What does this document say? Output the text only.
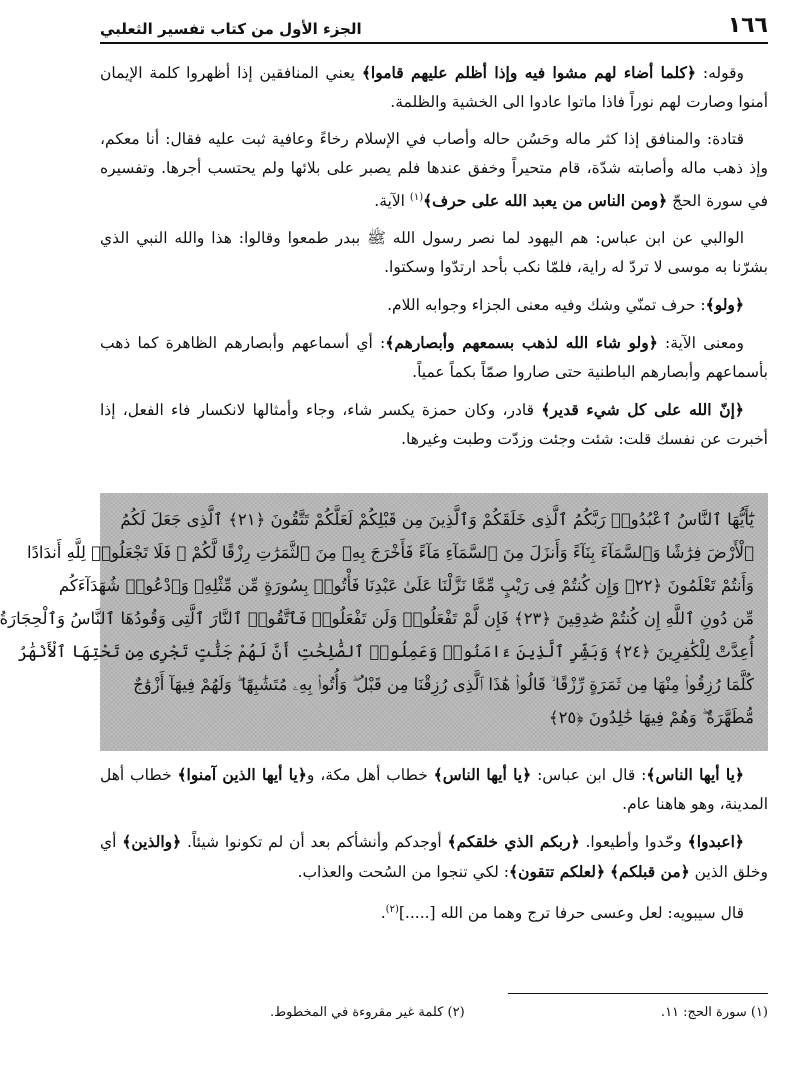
١٦٦
الجزء الأول من كتاب تفسير الثعلبي

وقوله: ﴿كلما أضاء لهم مشوا فيه وإذا أظلم عليهم قاموا﴾ يعني المنافقين إذا أظهروا كلمة الإيمان أمنوا وصارت لهم نوراً فاذا ماتوا عادوا الى الخشية والظلمة.

قتادة: والمنافق إذا كثر ماله وحَسُن حاله وأصاب في الإسلام رخاءً وعافية ثبت عليه فقال: أنا معكم، وإذ ذهب ماله وأصابته شدّة، قام متحيراً وخفق عندها فلم يصبر على بلائها ولم يحتسب أجرها. وتفسيره في سورة الحجّ ﴿ومن الناس من يعبد الله على حرف﴾$^{(١)}$ الآية.

الوالبي عن ابن عباس: هم اليهود لما نصر رسول الله ﷺ ببدر طمعوا وقالوا: هذا والله النبي الذي بشرّنا به موسى لا تردّ له راية، فلمّا نكب بأحد ارتدّوا وسكتوا.

﴿ولو﴾: حرف تمنّي وشك وفيه معنى الجزاء وجوابه اللام.

ومعنى الآية: ﴿ولو شاء الله لذهب بسمعهم وأبصارهم﴾: أي أسماعهم وأبصارهم الظاهرة كما ذهب بأسماعهم وأبصارهم الباطنية حتى صاروا صمّاً بكماً عمياً.

﴿إنّ الله على كل شيء قدير﴾ قادر، وكان حمزة يكسر شاء، وجاء وأمثالها لانكسار فاء الفعل، إذا أخبرت عن نفسك قلت: شئت وجئت وزدّت وطبت وغيرها.

يَٰٓأَيُّهَا ٱلنَّاسُ ٱعْبُدُوا۟ رَبَّكُمُ ٱلَّذِى خَلَقَكُمْ وَٱلَّذِينَ مِن قَبْلِكُمْ لَعَلَّكُمْ تَتَّقُونَ ﴿٢١﴾ ٱلَّذِى جَعَلَ لَكُمُ

ٱلْأَرْضَ فِرَٰشًا وَٱلسَّمَآءَ بِنَآءً وَأَنزَلَ مِنَ ٱلسَّمَآءِ مَآءً فَأَخْرَجَ بِهِۦ مِنَ ٱلثَّمَرَٰتِ رِزْقًا لَّكُمْ ۖ فَلَا تَجْعَلُوا۟ لِلَّهِ أَندَادًا

وَأَنتُمْ تَعْلَمُونَ ﴿٢٢﴾ وَإِن كُنتُمْ فِى رَيْبٍ مِّمَّا نَزَّلْنَا عَلَىٰ عَبْدِنَا فَأْتُوا۟ بِسُورَةٍ مِّن مِّثْلِهِۦ وَٱدْعُوا۟ شُهَدَآءَكُم

مِّن دُونِ ٱللَّهِ إِن كُنتُمْ صَٰدِقِينَ ﴿٢٣﴾ فَإِن لَّمْ تَفْعَلُوا۟ وَلَن تَفْعَلُوا۟ فَٱتَّقُوا۟ ٱلنَّارَ ٱلَّتِى وَقُودُهَا ٱلنَّاسُ وَٱلْحِجَارَةُ

أُعِدَّتْ لِلْكَٰفِرِينَ ﴿٢٤﴾ وَبَشِّرِ ٱلَّذِينَ ءَامَنُوا۟ وَعَمِلُوا۟ ٱلصَّٰلِحَٰتِ أَنَّ لَهُمْ جَنَّٰتٍ تَجْرِى مِن تَحْتِهَا ٱلْأَنْهَٰرُ

كُلَّمَا رُزِقُوا۟ مِنْهَا مِن ثَمَرَةٍ رِّزْقًا ۙ قَالُوا۟ هَٰذَا ٱلَّذِى رُزِقْنَا مِن قَبْلُ ۖ وَأُتُوا۟ بِهِۦ مُتَشَٰبِهًا ۖ وَلَهُمْ فِيهَآ أَزْوَٰجٌ

مُّطَهَّرَةٌ ۖ وَهُمْ فِيهَا خَٰلِدُونَ ﴿٢٥﴾

﴿يا أيها الناس﴾: قال ابن عباس: ﴿يا أيها الناس﴾ خطاب أهل مكة، و﴿يا أيها الذين آمنوا﴾ خطاب أهل المدينة، وهو هاهنا عام.

﴿اعبدوا﴾ وحّدوا وأطيعوا. ﴿ربكم الذي خلقكم﴾ أوجدكم وأنشأكم بعد أن لم تكونوا شيئاً. ﴿والذين﴾ أي وخلق الذين ﴿من قبلكم﴾ ﴿لعلكم تتقون﴾: لكي تنجوا من السُحت والعذاب.

قال سيبويه: لعل وعسى حرفا ترج وهما من الله [.....]$^{(٢)}$.

(١) سورة الحج: ١١.
(٢) كلمة غير مقروءة في المخطوط.
